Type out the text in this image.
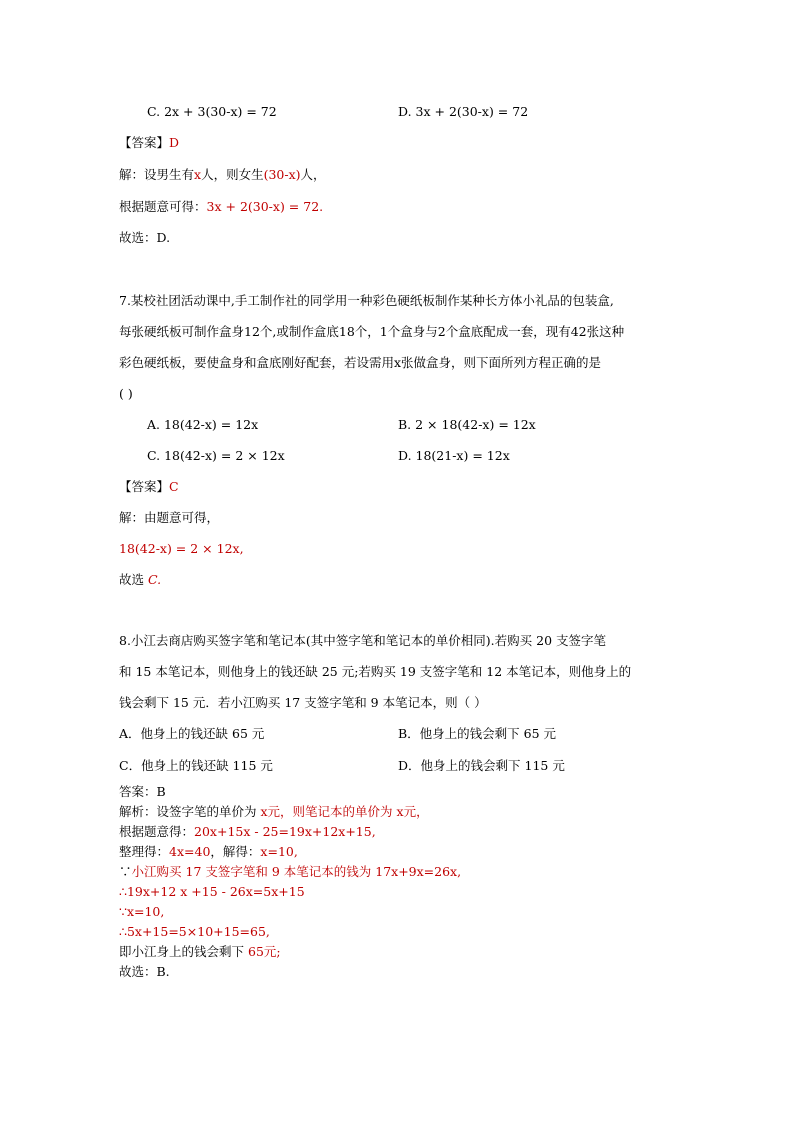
C. 2x + 3(30-x) = 72	D. 3x + 2(30-x) = 72
【答案】D
解：设男生有x人，则女生(30-x)人，
根据题意可得：3x + 2(30-x) = 72.
故选：D.
7.某校社团活动课中,手工制作社的同学用一种彩色硬纸板制作某种长方体小礼品的包装盒,
每张硬纸板可制作盒身12个,或制作盒底18个，1个盒身与2个盒底配成一套，现有42张这种
彩色硬纸板，要使盒身和盒底刚好配套，若设需用x张做盒身，则下面所列方程正确的是
( )
A. 18(42-x) = 12x	B. 2 × 18(42-x) = 12x
C. 18(42-x) = 2 × 12x	D. 18(21-x) = 12x
【答案】C
解：由题意可得，
18(42-x) = 2 × 12x,
故选 C.
8.小江去商店购买签字笔和笔记本(其中签字笔和笔记本的单价相同).若购买 20 支签字笔
和 15 本笔记本，则他身上的钱还缺 25 元;若购买 19 支签字笔和 12 本笔记本，则他身上的
钱会剩下 15 元．若小江购买 17 支签字笔和 9 本笔记本，则（ ）
A．他身上的钱还缺 65 元	B．他身上的钱会剩下 65 元
C．他身上的钱还缺 115 元	D．他身上的钱会剩下 115 元
答案：B
解析：设签字笔的单价为 x元，则笔记本的单价为 x元，
根据题意得：20x+15x - 25=19x+12x+15,
整理得：4x=40，解得：x=10,
∵小江购买 17 支签字笔和 9 本笔记本的钱为 17x+9x=26x,
∴19x+12 x +15 - 26x=5x+15
∵x=10,
∴5x+15=5×10+15=65,
即小江身上的钱会剩下 65元;
故选：B.
